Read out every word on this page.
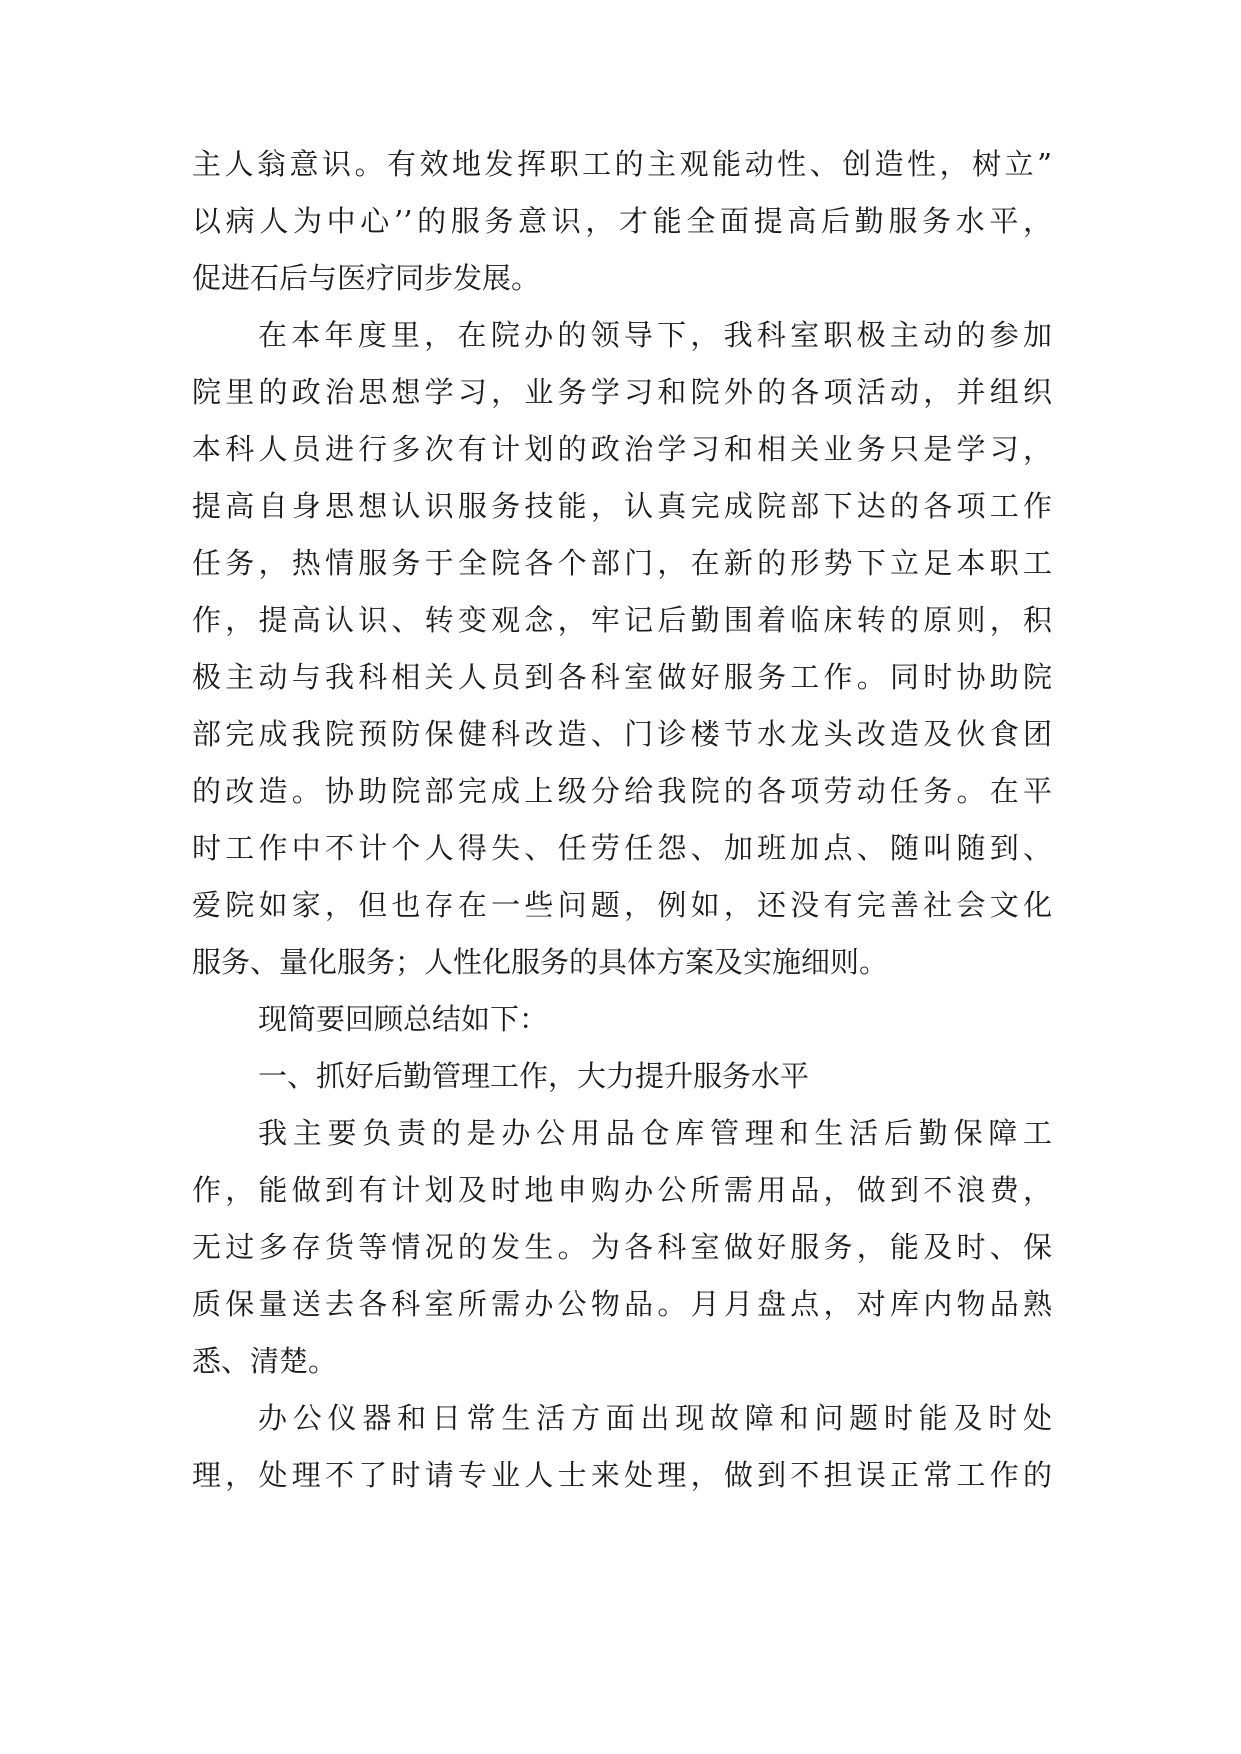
主人翁意识。有效地发挥职工的主观能动性、创造性，树立”
以病人为中心’’的服务意识，才能全面提高后勤服务水平，
促进石后与医疗同步发展。
在本年度里，在院办的领导下，我科室职极主动的参加
院里的政治思想学习，业务学习和院外的各项活动，并组织
本科人员进行多次有计划的政治学习和相关业务只是学习，
提高自身思想认识服务技能，认真完成院部下达的各项工作
任务，热情服务于全院各个部门，在新的形势下立足本职工
作，提高认识、转变观念，牢记后勤围着临床转的原则，积
极主动与我科相关人员到各科室做好服务工作。同时协助院
部完成我院预防保健科改造、门诊楼节水龙头改造及伙食团
的改造。协助院部完成上级分给我院的各项劳动任务。在平
时工作中不计个人得失、任劳任怨、加班加点、随叫随到、
爱院如家，但也存在一些问题，例如，还没有完善社会文化
服务、量化服务；人性化服务的具体方案及实施细则。
现简要回顾总结如下：
一、抓好后勤管理工作，大力提升服务水平
我主要负责的是办公用品仓库管理和生活后勤保障工
作，能做到有计划及时地申购办公所需用品，做到不浪费，
无过多存货等情况的发生。为各科室做好服务，能及时、保
质保量送去各科室所需办公物品。月月盘点，对库内物品熟
悉、清楚。
办公仪器和日常生活方面出现故障和问题时能及时处
理，处理不了时请专业人士来处理，做到不担误正常工作的
